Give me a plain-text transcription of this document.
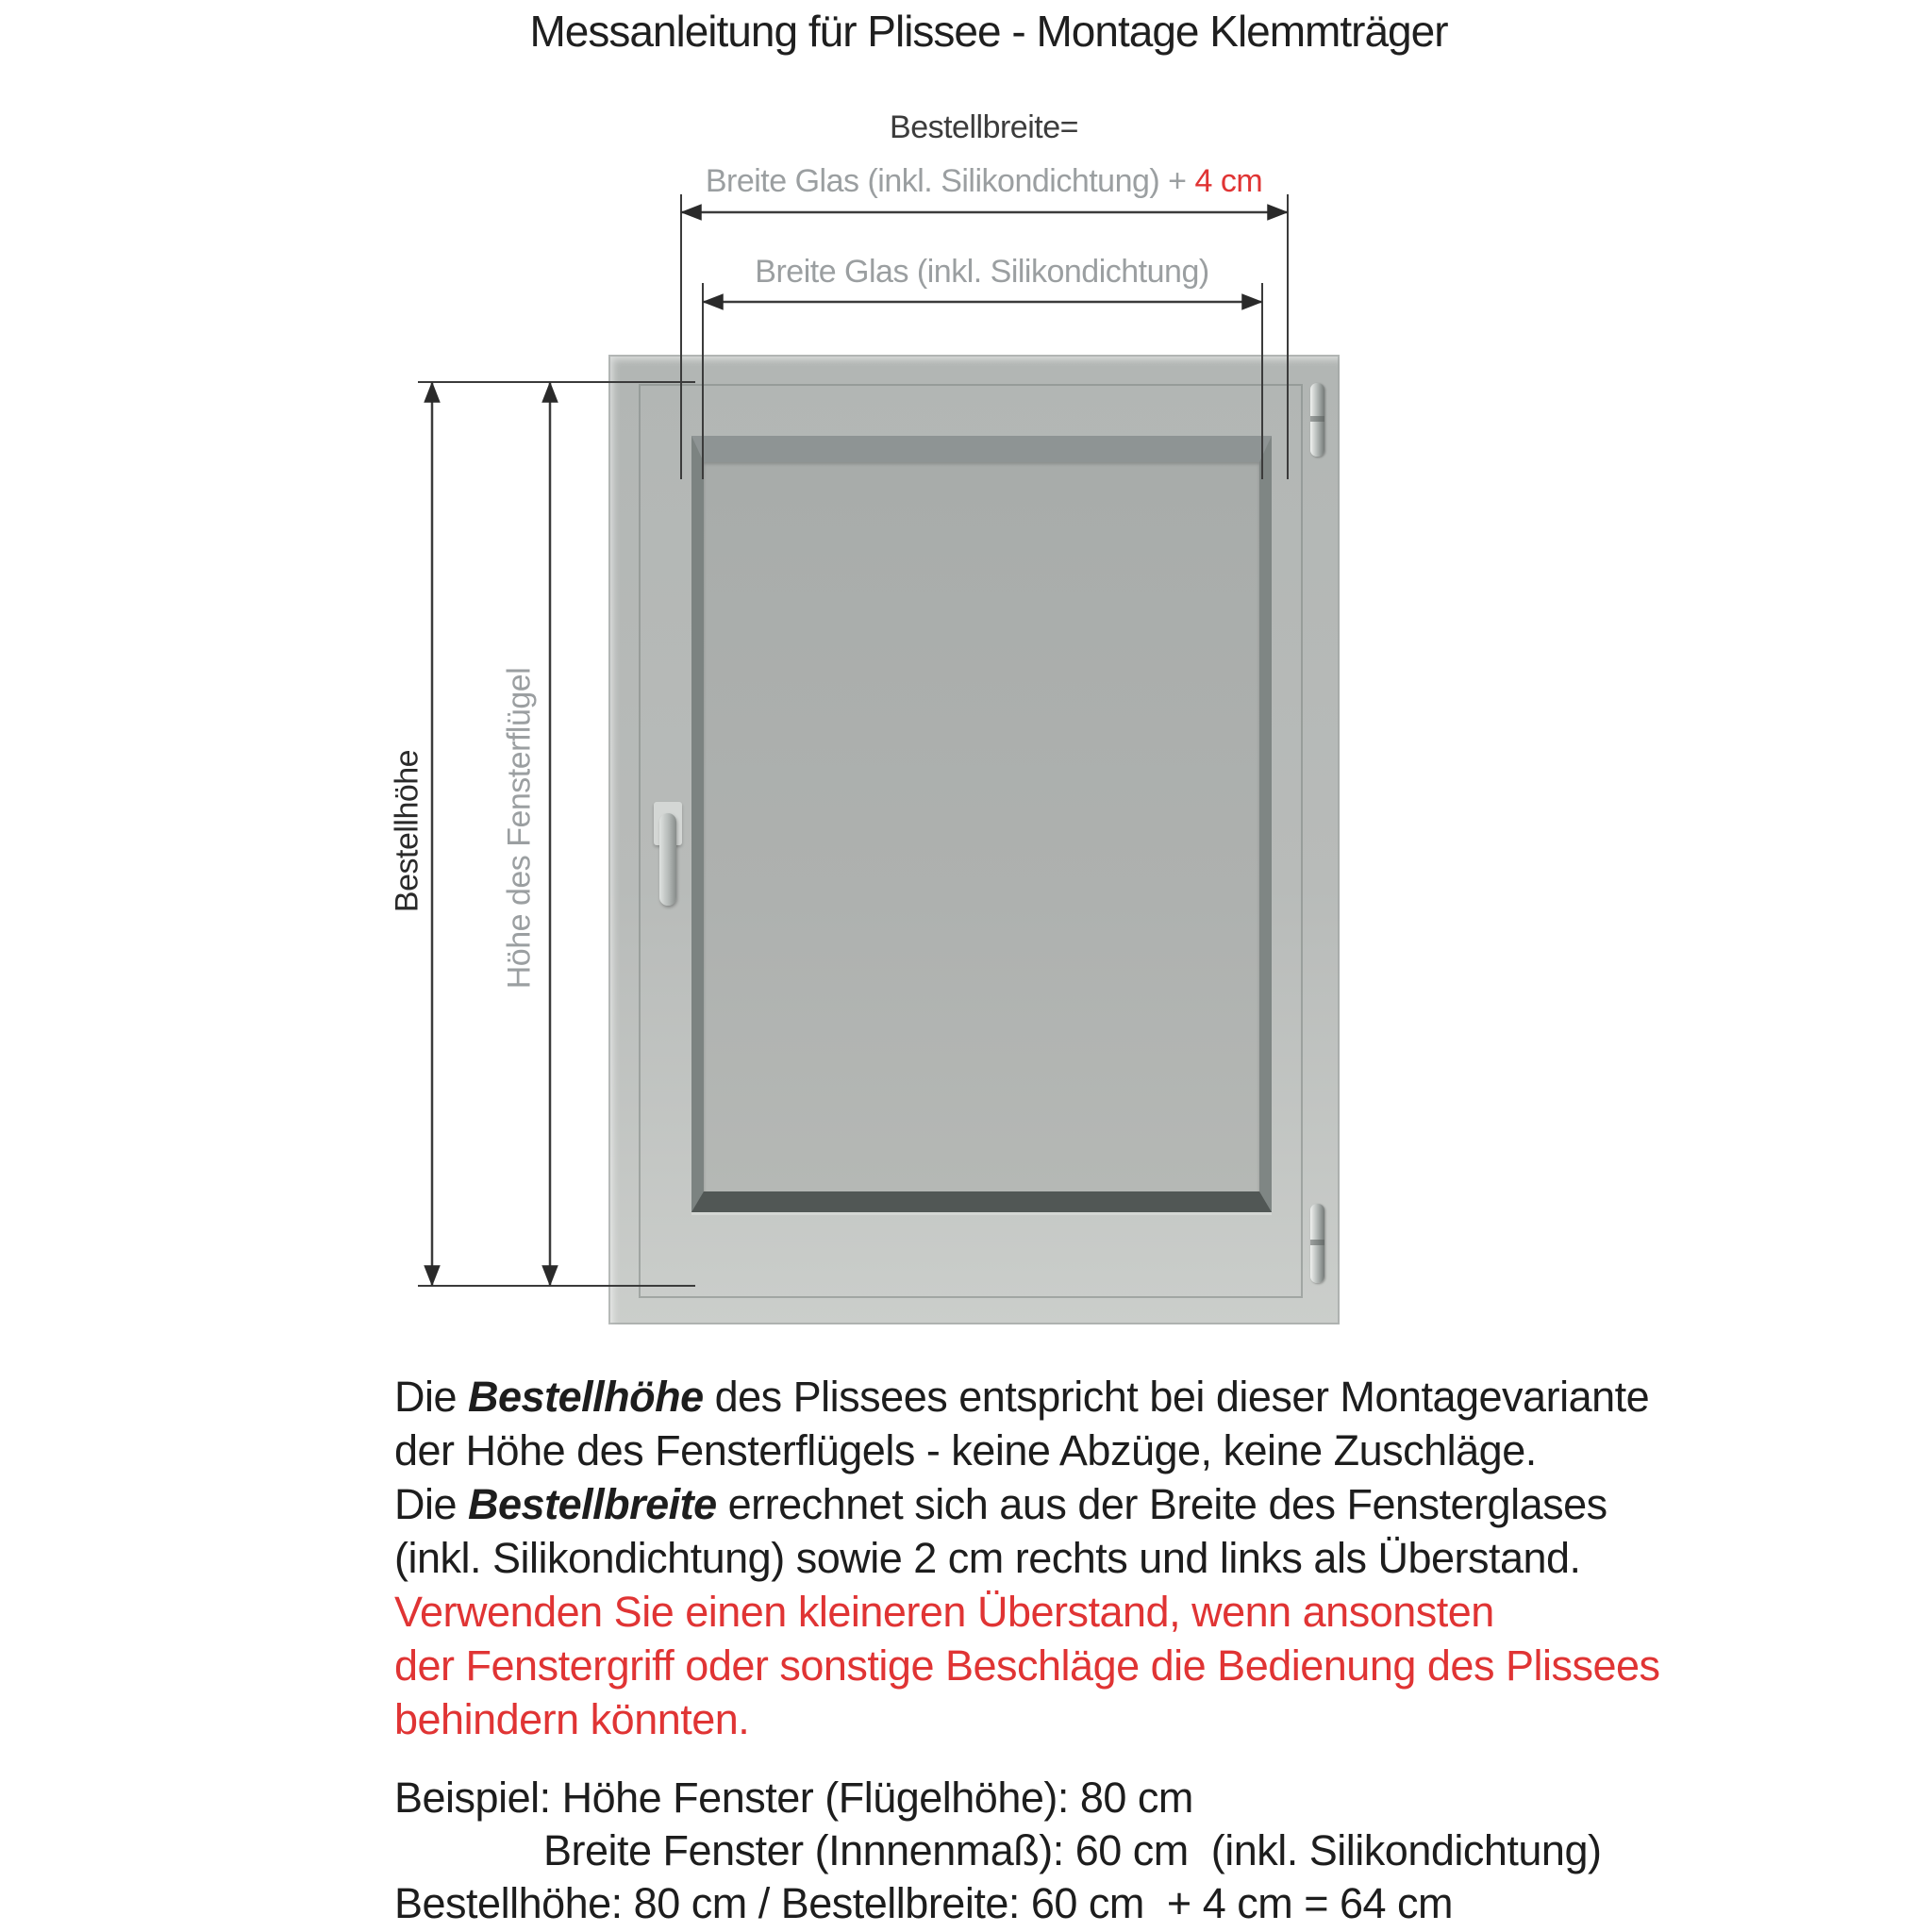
Messanleitung für Plissee - Montage Klemmträger
Bestellbreite=
Breite Glas (inkl. Silikondichtung) + 4 cm
Breite Glas (inkl. Silikondichtung)
Bestellhöhe Höhe des Fensterflügel
Die Bestellhöhe des Plissees entspricht bei dieser Montagevariante
der Höhe des Fensterflügels - keine Abzüge, keine Zuschläge.
Die Bestellbreite errechnet sich aus der Breite des Fensterglases
(inkl. Silikondichtung) sowie 2 cm rechts und links als Überstand.
Verwenden Sie einen kleineren Überstand, wenn ansonsten
der Fenstergriff oder sonstige Beschläge die Bedienung des Plissees
behindern könnten.
Beispiel: Höhe Fenster (Flügelhöhe): 80 cm
Breite Fenster (Innnenmaß): 60 cm  (inkl. Silikondichtung)
Bestellhöhe: 80 cm / Bestellbreite: 60 cm  + 4 cm = 64 cm
